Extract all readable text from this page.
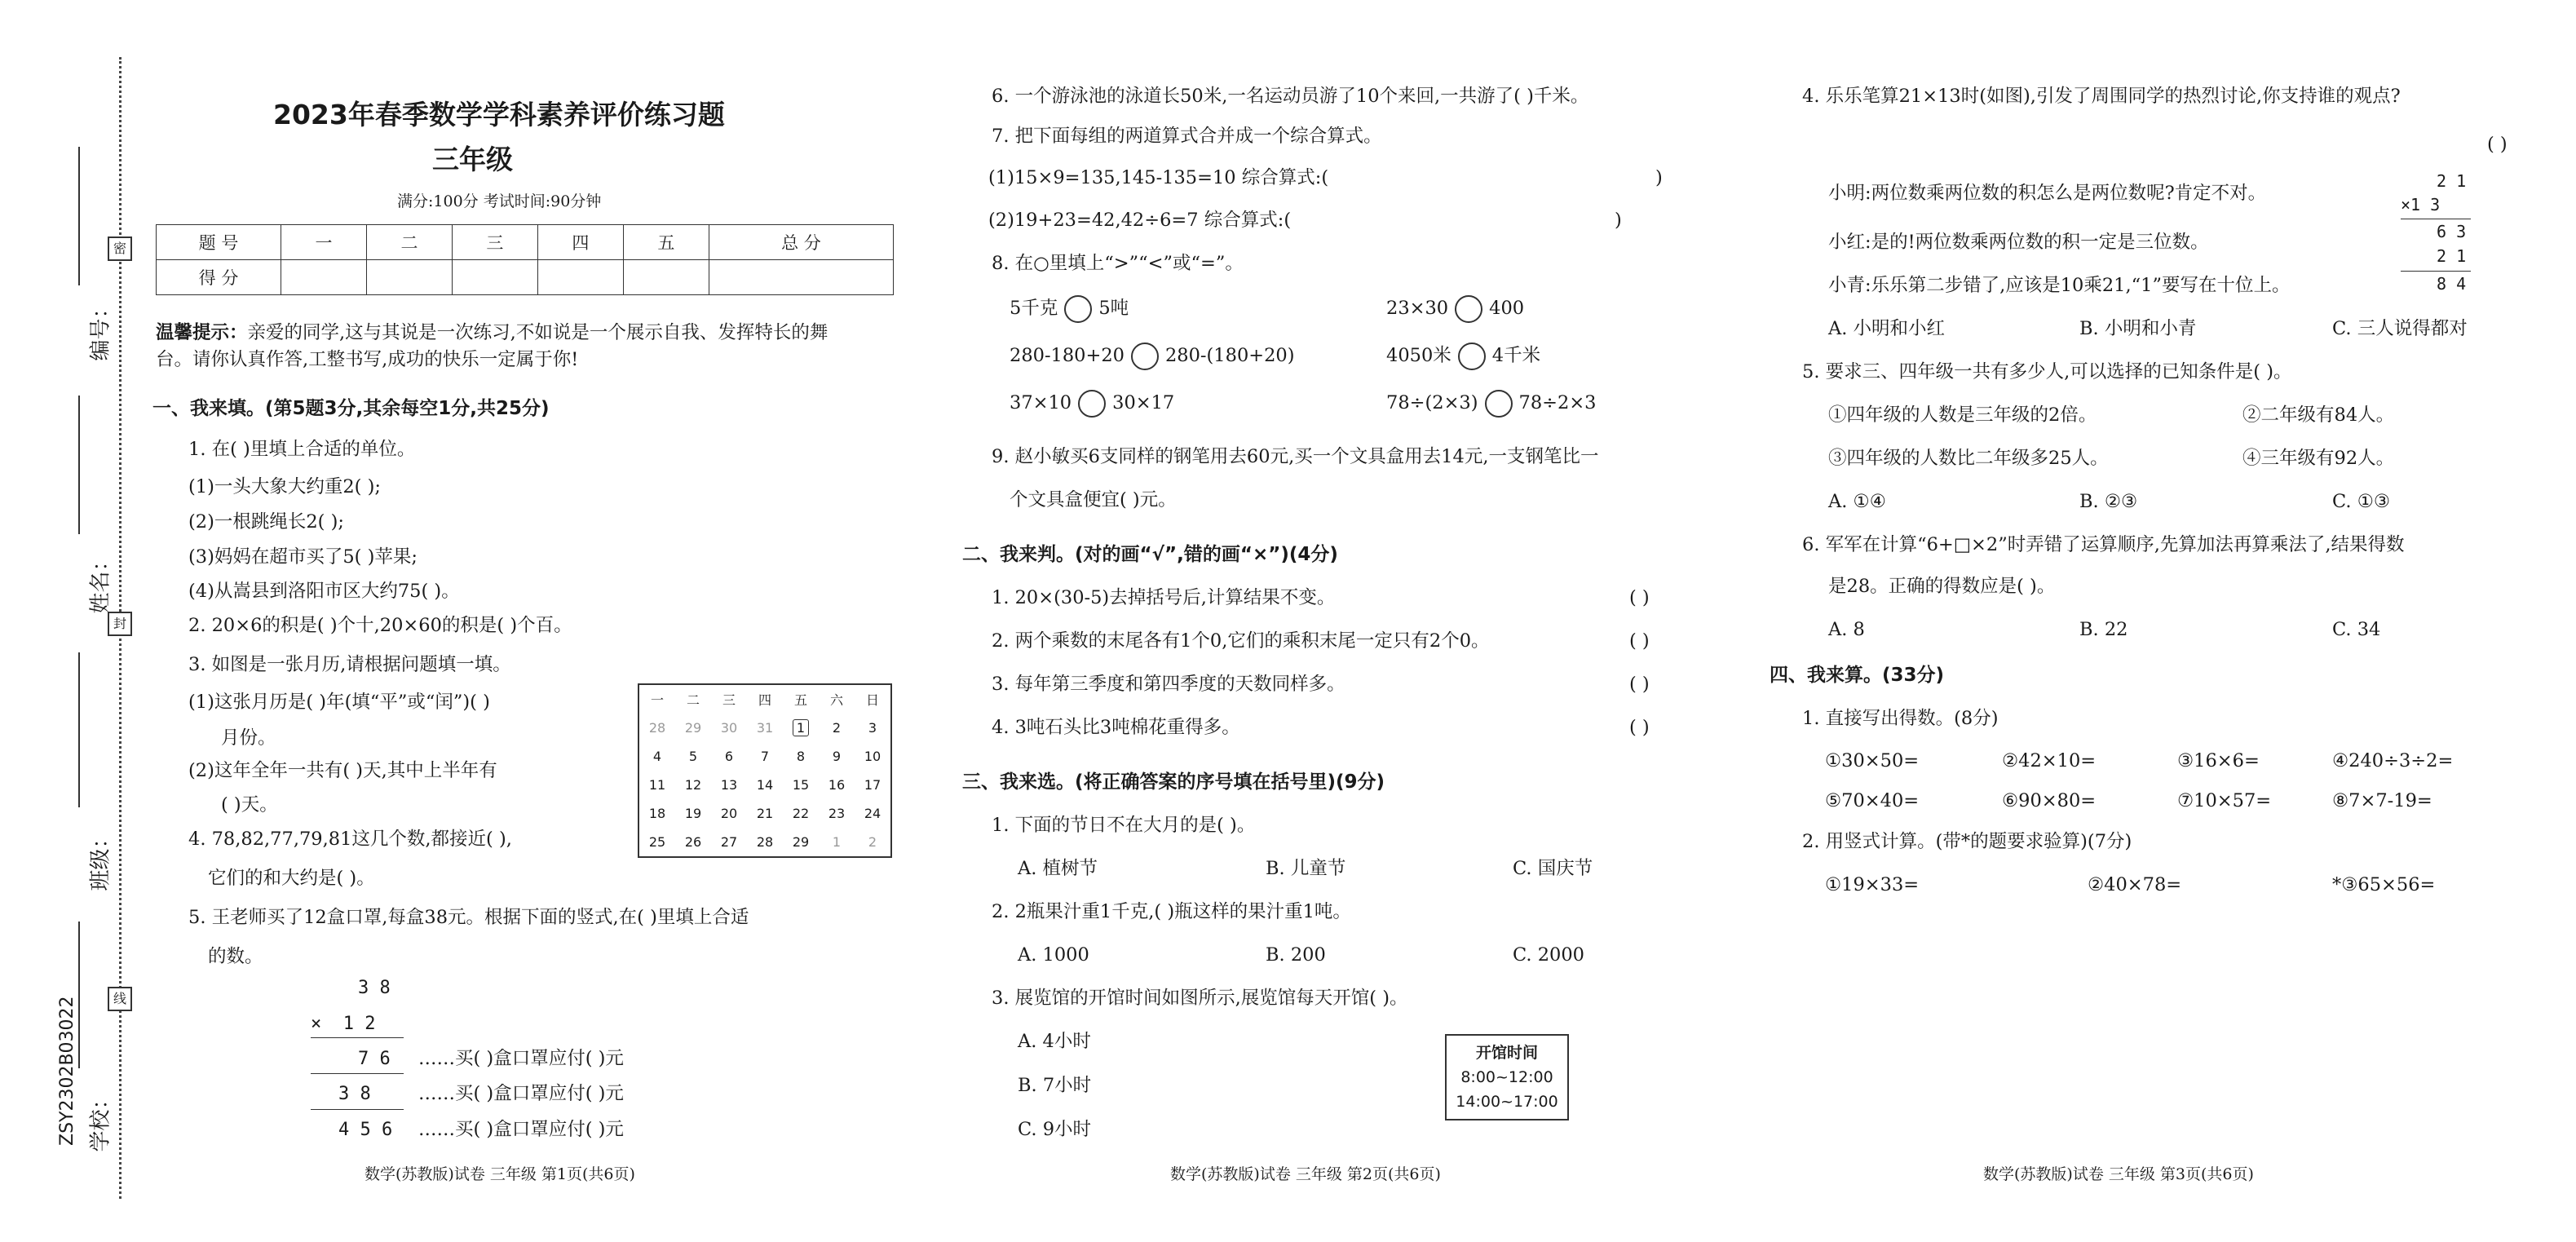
密
封
线
编号：
姓名：
班级：
学校：
ZSY2302B03022
2023年春季数学学科素养评价练习题
三年级
满分:100分 考试时间:90分钟
题 号	一	二	三	四	五	总 分
得 分						
温馨提示：亲爱的同学,这与其说是一次练习,不如说是一个展示自我、发挥特长的舞
台。请你认真作答,工整书写,成功的快乐一定属于你!
一、我来填。(第5题3分,其余每空1分,共25分)
1. 在( )里填上合适的单位。
(1)一头大象大约重2( );
(2)一根跳绳长2( );
(3)妈妈在超市买了5( )苹果;
(4)从嵩县到洛阳市区大约75( )。
2. 20×6的积是( )个十,20×60的积是( )个百。
3. 如图是一张月历,请根据问题填一填。
(1)这张月历是( )年(填“平”或“闰”)( )
月份。
(2)这年全年一共有( )天,其中上半年有
( )天。
4. 78,82,77,79,81这几个数,都接近( ),
它们的和大约是( )。
5. 王老师买了12盒口罩,每盒38元。根据下面的竖式,在( )里填上合适
的数。
一	二	三	四	五	六	日
28	29	30	31	1	2	3
4	5	6	7	8	9	10
11	12	13	14	15	16	17
18	19	20	21	22	23	24
25	26	27	28	29	1	2
3 8
×  1 2
7 6 ……买( )盒口罩应付( )元
3 8	……买( )盒口罩应付( )元
4 5 6 ……买( )盒口罩应付( )元
数学(苏教版)试卷 三年级 第1页(共6页)
6. 一个游泳池的泳道长50米,一名运动员游了10个来回,一共游了( )千米。
7. 把下面每组的两道算式合并成一个综合算式。
(1)15×9=135,145-135=10 综合算式:(	)
(2)19+23=42,42÷6=7 综合算式:(	)
8. 在○里填上“>”“<”或“=”。
5千克 5吨	23×30 400
280-180+20 280-(180+20)	4050米 4千米
37×10 30×17	78÷(2×3) 78÷2×3
9. 赵小敏买6支同样的钢笔用去60元,买一个文具盒用去14元,一支钢笔比一
个文具盒便宜( )元。
二、我来判。(对的画“√”,错的画“×”)(4分)
1. 20×(30-5)去掉括号后,计算结果不变。	( )
2. 两个乘数的末尾各有1个0,它们的乘积末尾一定只有2个0。	( )
3. 每年第三季度和第四季度的天数同样多。	( )
4. 3吨石头比3吨棉花重得多。	( )
三、我来选。(将正确答案的序号填在括号里)(9分)
1. 下面的节日不在大月的是( )。
A. 植树节	B. 儿童节	C. 国庆节
2. 2瓶果汁重1千克,( )瓶这样的果汁重1吨。
A. 1000	B. 200	C. 2000
3. 展览馆的开馆时间如图所示,展览馆每天开馆( )。
A. 4小时
B. 7小时
C. 9小时
开馆时间
8:00~12:00
14:00~17:00
数学(苏教版)试卷 三年级 第2页(共6页)
4. 乐乐笔算21×13时(如图),引发了周围同学的热烈讨论,你支持谁的观点?
( )
小明:两位数乘两位数的积怎么是两位数呢?肯定不对。
小红:是的!两位数乘两位数的积一定是三位数。
小青:乐乐第二步错了,应该是10乘21,“1”要写在十位上。
2 1
×1 3
6 3
2 1
8 4
A. 小明和小红	B. 小明和小青	C. 三人说得都对
5. 要求三、四年级一共有多少人,可以选择的已知条件是( )。
①四年级的人数是三年级的2倍。	②二年级有84人。
③四年级的人数比二年级多25人。	④三年级有92人。
A. ①④	B. ②③	C. ①③
6. 军军在计算“6+□×2”时弄错了运算顺序,先算加法再算乘法了,结果得数
是28。正确的得数应是( )。
A. 8	B. 22	C. 34
四、我来算。(33分)
1. 直接写出得数。(8分)
①30×50=	②42×10=	③16×6=	④240÷3÷2=
⑤70×40=	⑥90×80=	⑦10×57=	⑧7×7-19=
2. 用竖式计算。(带*的题要求验算)(7分)
①19×33=	②40×78=	*③65×56=
数学(苏教版)试卷 三年级 第3页(共6页)
